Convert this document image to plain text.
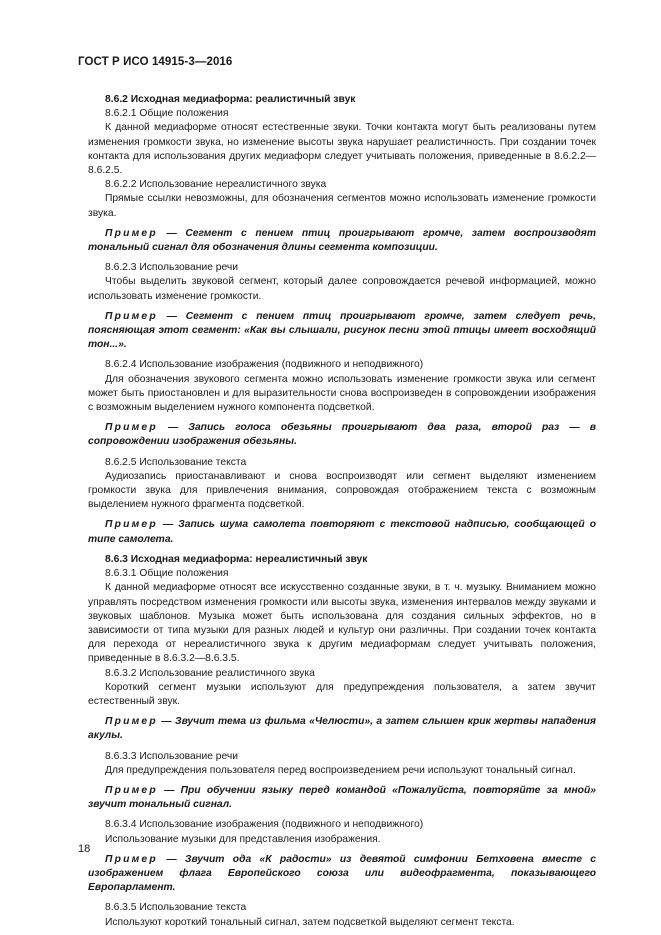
ГОСТ Р ИСО 14915-3—2016

8.6.2 Исходная медиаформа: реалистичный звук

8.6.2.1 Общие положения

К данной медиаформе относят естественные звуки. Точки контакта могут быть реализованы путем изменения громкости звука, но изменение высоты звука нарушает реалистичность. При создании точек контакта для использования других медиаформ следует учитывать положения, приведенные в 8.6.2.2—8.6.2.5.

8.6.2.2 Использование нереалистичного звука

Прямые ссылки невозможны, для обозначения сегментов можно использовать изменение громкости звука.

Пример — Сегмент с пением птиц проигрывают громче, затем воспроизводят тональный сигнал для обозначения длины сегмента композиции.

8.6.2.3 Использование речи

Чтобы выделить звуковой сегмент, который далее сопровождается речевой информацией, можно использовать изменение громкости.

Пример — Сегмент с пением птиц проигрывают громче, затем следует речь, поясняющая этот сегмент: «Как вы слышали, рисунок песни этой птицы имеет восходящий тон...».

8.6.2.4 Использование изображения (подвижного и неподвижного)

Для обозначения звукового сегмента можно использовать изменение громкости звука или сегмент может быть приостановлен и для выразительности снова воспроизведен в сопровождении изображения с возможным выделением нужного компонента подсветкой.

Пример — Запись голоса обезьяны проигрывают два раза, второй раз — в сопровождении изображения обезьяны.

8.6.2.5 Использование текста

Аудиозапись приостанавливают и снова воспроизводят или сегмент выделяют изменением громкости звука для привлечения внимания, сопровождая отображением текста с возможным выделением нужного фрагмента подсветкой.

Пример — Запись шума самолета повторяют с текстовой надписью, сообщающей о типе самолета.

8.6.3 Исходная медиаформа: нереалистичный звук

8.6.3.1 Общие положения

К данной медиаформе относят все искусственно созданные звуки, в т. ч. музыку. Вниманием можно управлять посредством изменения громкости или высоты звука, изменения интервалов между звуками и звуковых шаблонов. Музыка может быть использована для создания сильных эффектов, но в зависимости от типа музыки для разных людей и культур они различны. При создании точек контакта для перехода от нереалистичного звука к другим медиаформам следует учитывать положения, приведенные в 8.6.3.2—8.6.3.5.

8.6.3.2 Использование реалистичного звука

Короткий сегмент музыки используют для предупреждения пользователя, а затем звучит естественный звук.

Пример — Звучит тема из фильма «Челюсти», а затем слышен крик жертвы нападения акулы.

8.6.3.3 Использование речи

Для предупреждения пользователя перед воспроизведением речи используют тональный сигнал.

Пример — При обучении языку перед командой «Пожалуйста, повторяйте за мной» звучит тональный сигнал.

8.6.3.4 Использование изображения (подвижного и неподвижного)

Использование музыки для представления изображения.

Пример — Звучит ода «К радости» из девятой симфонии Бетховена вместе с изображением флага Европейского союза или видеофрагмента, показывающего Европарламент.

8.6.3.5 Использование текста

Используют короткий тональный сигнал, затем подсветкой выделяют сегмент текста.

18
